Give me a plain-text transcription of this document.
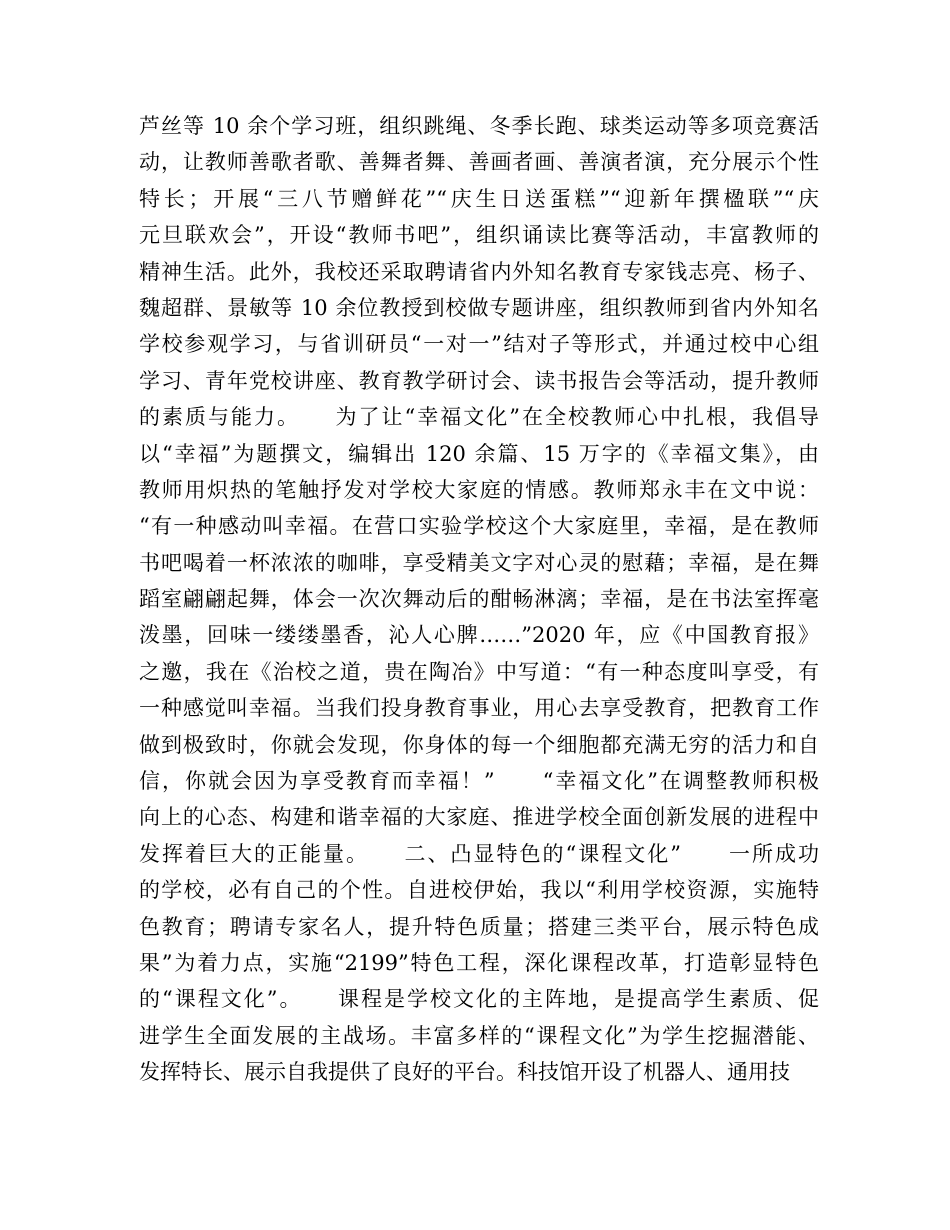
芦丝等 10 余个学习班，组织跳绳、冬季长跑、球类运动等多项竞赛活
动，让教师善歌者歌、善舞者舞、善画者画、善演者演，充分展示个性
特长；开展“三八节赠鲜花”“庆生日送蛋糕”“迎新年撰楹联”“庆
元旦联欢会”，开设“教师书吧”，组织诵读比赛等活动，丰富教师的
精神生活。此外，我校还采取聘请省内外知名教育专家钱志亮、杨子、
魏超群、景敏等 10 余位教授到校做专题讲座，组织教师到省内外知名
学校参观学习，与省训研员“一对一”结对子等形式，并通过校中心组
学习、青年党校讲座、教育教学研讨会、读书报告会等活动，提升教师
的素质与能力。　　为了让“幸福文化”在全校教师心中扎根，我倡导
以“幸福”为题撰文，编辑出 120 余篇、15 万字的《幸福文集》，由
教师用炽热的笔触抒发对学校大家庭的情感。教师郑永丰在文中说：
“有一种感动叫幸福。在营口实验学校这个大家庭里，幸福，是在教师
书吧喝着一杯浓浓的咖啡，享受精美文字对心灵的慰藉；幸福，是在舞
蹈室翩翩起舞，体会一次次舞动后的酣畅淋漓；幸福，是在书法室挥毫
泼墨，回味一缕缕墨香，沁人心脾……”2020 年，应《中国教育报》
之邀，我在《治校之道，贵在陶冶》中写道：“有一种态度叫享受，有
一种感觉叫幸福。当我们投身教育事业，用心去享受教育，把教育工作
做到极致时，你就会发现，你身体的每一个细胞都充满无穷的活力和自
信，你就会因为享受教育而幸福！”　　“幸福文化”在调整教师积极
向上的心态、构建和谐幸福的大家庭、推进学校全面创新发展的进程中
发挥着巨大的正能量。　　二、凸显特色的“课程文化”　　一所成功
的学校，必有自己的个性。自进校伊始，我以“利用学校资源，实施特
色教育；聘请专家名人，提升特色质量；搭建三类平台，展示特色成
果”为着力点，实施“2199”特色工程，深化课程改革，打造彰显特色
的“课程文化”。　　课程是学校文化的主阵地，是提高学生素质、促
进学生全面发展的主战场。丰富多样的“课程文化”为学生挖掘潜能、
发挥特长、展示自我提供了良好的平台。科技馆开设了机器人、通用技
